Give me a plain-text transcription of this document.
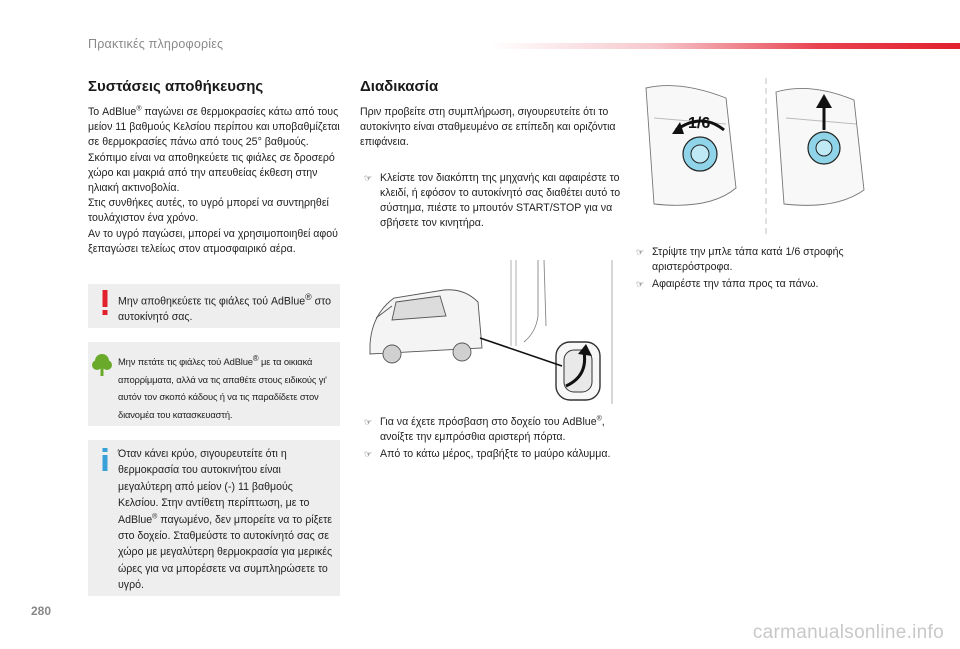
Πρακτικές πληροφορίες
Συστάσεις αποθήκευσης

Το AdBlue® παγώνει σε θερμοκρασίες κάτω από τους μείον 11 βαθμούς Κελσίου περίπου και υποβαθμίζεται σε θερμοκρασίες πάνω από τους 25° βαθμούς. Σκόπιμο είναι να αποθηκεύετε τις φιάλες σε δροσερό χώρο και μακριά από την απευθείας έκθεση στην ηλιακή ακτινοβολία.

Στις συνθήκες αυτές, το υγρό μπορεί να συντηρηθεί τουλάχιστον ένα χρόνο.

Αν το υγρό παγώσει, μπορεί να χρησιμοποιηθεί αφού ξεπαγώσει τελείως στον ατμοσφαιρικό αέρα.

Μην αποθηκεύετε τις φιάλες τού AdBlue® στο αυτοκίνητό σας.
Μην πετάτε τις φιάλες τού AdBlue® με τα οικιακά απορρίμματα, αλλά να τις απαθέτε στους ειδικούς γι' αυτόν τον σκοπό κάδους ή να τις παραδίδετε στον διανομέα του κατασκευαστή.
Όταν κάνει κρύο, σιγουρευτείτε ότι η θερμοκρασία του αυτοκινήτου είναι μεγαλύτερη από μείον (-) 11 βαθμούς Κελσίου. Στην αντίθετη περίπτωση, με το AdBlue® παγωμένο, δεν μπορείτε να το ρίξετε στο δοχείο. Σταθμεύστε το αυτοκίνητό σας σε χώρο με μεγαλύτερη θερμοκρασία για μερικές ώρες για να μπορέσετε να συμπληρώσετε το υγρό.
Διαδικασία

Πριν προβείτε στη συμπλήρωση, σιγουρευτείτε ότι το αυτοκίνητο είναι σταθμευμένο σε επίπεδη και οριζόντια επιφάνεια.

☞ Κλείστε τον διακόπτη της μηχανής και αφαιρέστε το κλειδί, ή εφόσον το αυτοκίνητό σας διαθέτει αυτό το σύστημα, πιέστε το μπουτόν START/STOP για να σβήσετε τον κινητήρα.
1/6
☞ Στρίψτε την μπλε τάπα κατά 1/6 στροφής αριστερόστροφα.
☞ Αφαιρέστε την τάπα προς τα πάνω.
☞ Για να έχετε πρόσβαση στο δοχείο του AdBlue®, ανοίξτε την εμπρόσθια αριστερή πόρτα.
☞ Από το κάτω μέρος, τραβήξτε το μαύρο κάλυμμα.
280
carmanualsonline.info
